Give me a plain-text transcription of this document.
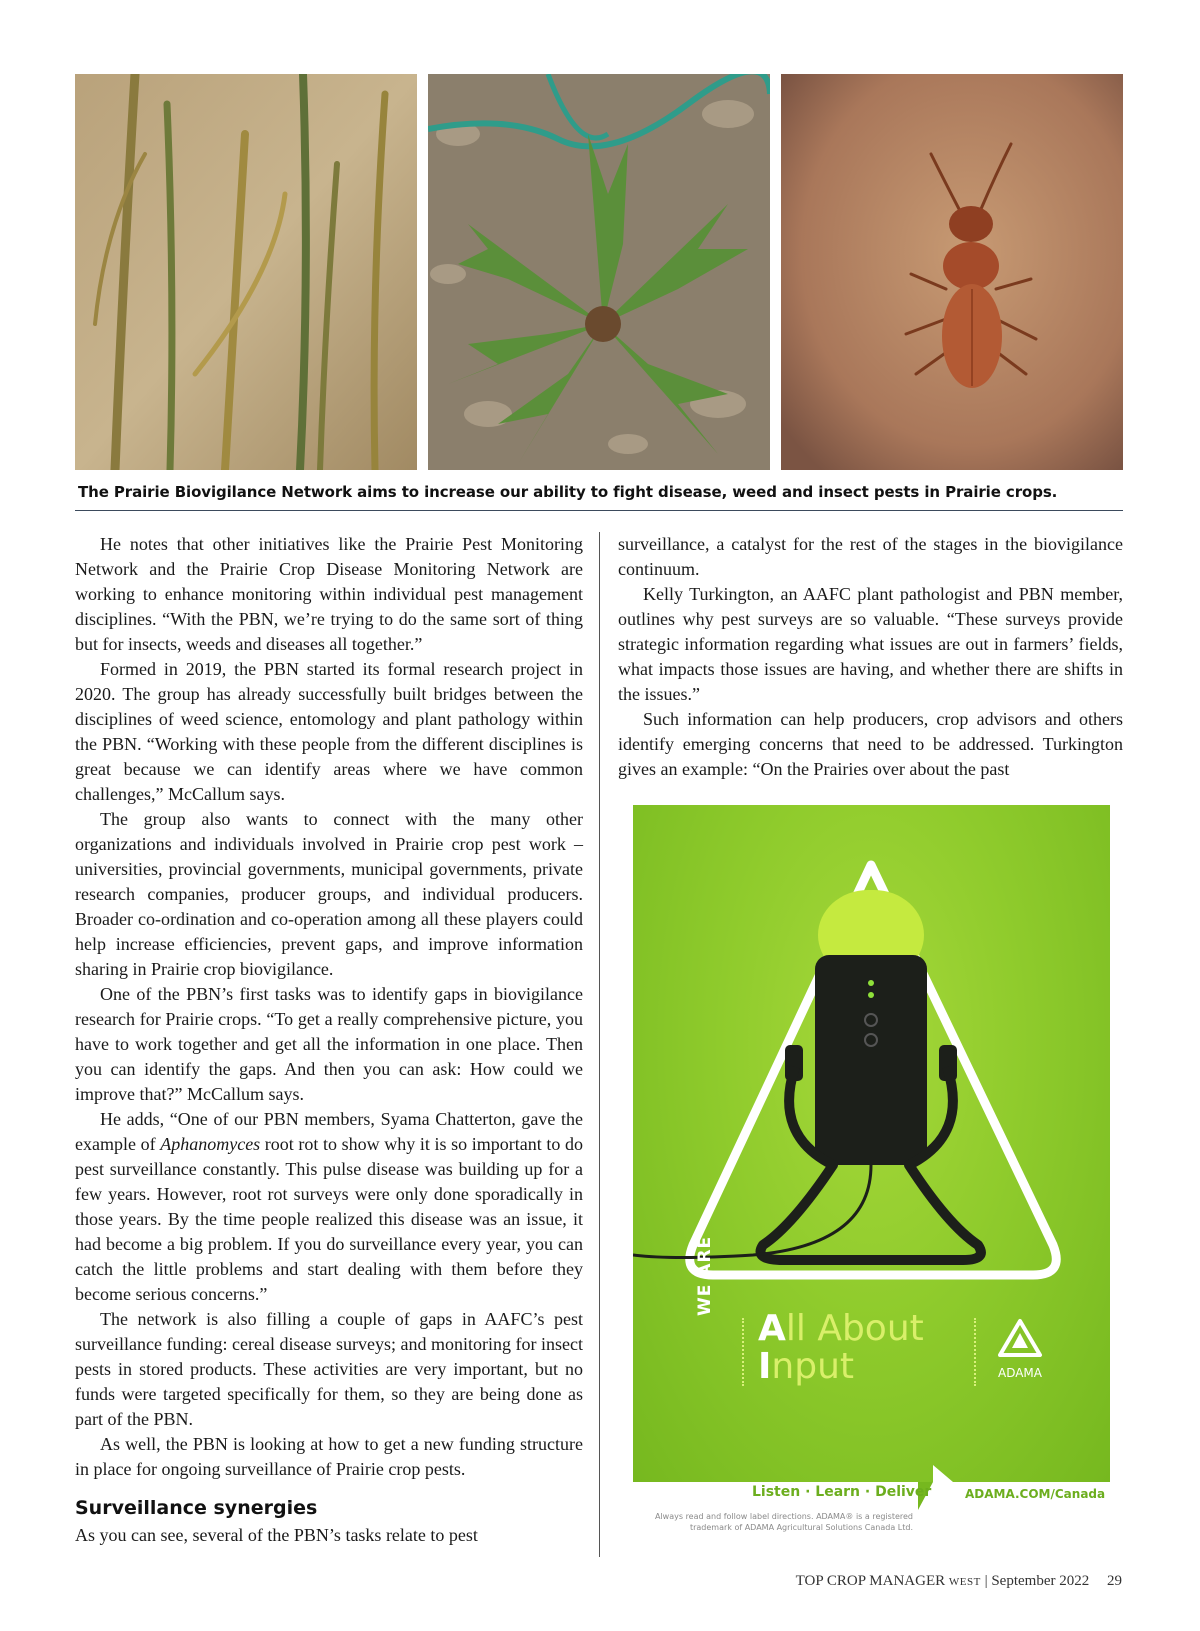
The Prairie Biovigilance Network aims to increase our ability to fight disease, weed and insect pests in Prairie crops.

He notes that other initiatives like the Prairie Pest Monitoring Network and the Prairie Crop Disease Monitoring Network are working to enhance monitoring within individual pest management disciplines. “With the PBN, we’re trying to do the same sort of thing but for insects, weeds and diseases all together.”

Formed in 2019, the PBN started its formal research project in 2020. The group has already successfully built bridges between the disciplines of weed science, entomology and plant pathology within the PBN. “Working with these people from the different disciplines is great because we can identify areas where we have common challenges,” McCallum says.

The group also wants to connect with the many other organizations and individuals involved in Prairie crop pest work – universities, provincial governments, municipal governments, private research companies, producer groups, and individual producers. Broader co-ordination and co-operation among all these players could help increase efficiencies, prevent gaps, and improve information sharing in Prairie crop biovigilance.

One of the PBN’s first tasks was to identify gaps in biovigilance research for Prairie crops. “To get a really comprehensive picture, you have to work together and get all the information in one place. Then you can identify the gaps. And then you can ask: How could we improve that?” McCallum says.

He adds, “One of our PBN members, Syama Chatterton, gave the example of Aphanomyces root rot to show why it is so important to do pest surveillance constantly. This pulse disease was building up for a few years. However, root rot surveys were only done sporadically in those years. By the time people realized this disease was an issue, it had become a big problem. If you do surveillance every year, you can catch the little problems and start dealing with them before they become serious concerns.”

The network is also filling a couple of gaps in AAFC’s pest surveillance funding: cereal disease surveys; and monitoring for insect pests in stored products. These activities are very important, but no funds were targeted specifically for them, so they are being done as part of the PBN.

As well, the PBN is looking at how to get a new funding structure in place for ongoing surveillance of Prairie crop pests.

Surveillance synergies

As you can see, several of the PBN’s tasks relate to pest

surveillance, a catalyst for the rest of the stages in the biovigilance continuum.

Kelly Turkington, an AAFC plant pathologist and PBN member, outlines why pest surveys are so valuable. “These surveys provide strategic information regarding what issues are out in farmers’ fields, what impacts those issues are having, and whether there are shifts in the issues.”

Such information can help producers, crop advisors and others identify emerging concerns that need to be addressed. Turkington gives an example: “On the Prairies over about the past

WE ARE
All About
Input	ADAMA
Listen · Learn · Deliver	ADAMA.COM/Canada
Always read and follow label directions. ADAMA® is a registered
trademark of ADAMA Agricultural Solutions Canada Ltd.
TOP CROP MANAGER WEST | September 2022 29
